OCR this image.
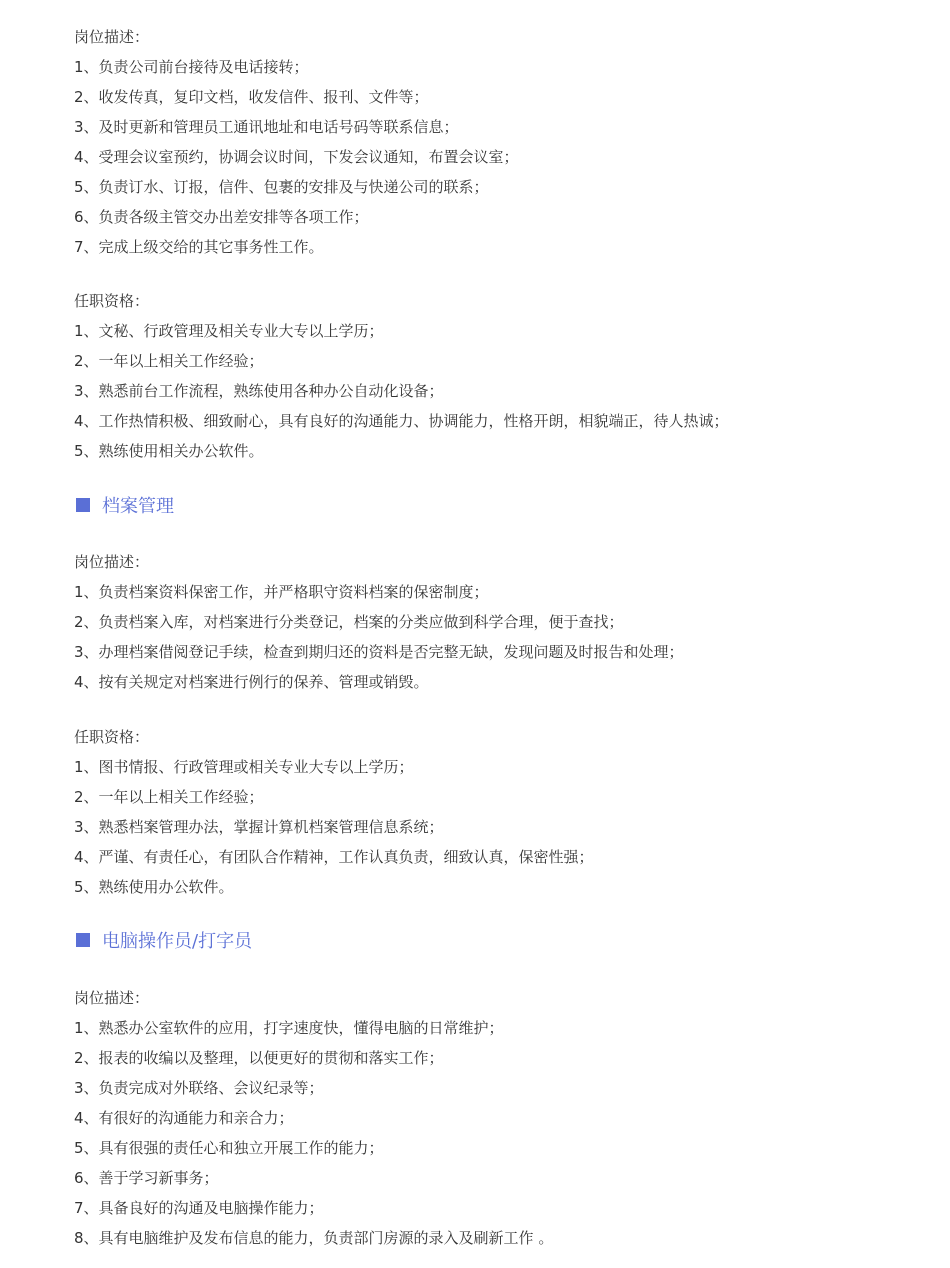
岗位描述：
1、负责公司前台接待及电话接转；
2、收发传真，复印文档，收发信件、报刊、文件等；
3、及时更新和管理员工通讯地址和电话号码等联系信息；
4、受理会议室预约，协调会议时间，下发会议通知，布置会议室；
5、负责订水、订报，信件、包裹的安排及与快递公司的联系；
6、负责各级主管交办出差安排等各项工作；
7、完成上级交给的其它事务性工作。
任职资格：
1、文秘、行政管理及相关专业大专以上学历；
2、一年以上相关工作经验；
3、熟悉前台工作流程，熟练使用各种办公自动化设备；
4、工作热情积极、细致耐心，具有良好的沟通能力、协调能力，性格开朗，相貌端正，待人热诚；
5、熟练使用相关办公软件。
档案管理
岗位描述：
1、负责档案资料保密工作，并严格职守资料档案的保密制度；
2、负责档案入库，对档案进行分类登记，档案的分类应做到科学合理，便于查找；
3、办理档案借阅登记手续，检查到期归还的资料是否完整无缺，发现问题及时报告和处理；
4、按有关规定对档案进行例行的保养、管理或销毁。
任职资格：
1、图书情报、行政管理或相关专业大专以上学历；
2、一年以上相关工作经验；
3、熟悉档案管理办法，掌握计算机档案管理信息系统；
4、严谨、有责任心，有团队合作精神，工作认真负责，细致认真，保密性强；
5、熟练使用办公软件。
电脑操作员/打字员
岗位描述：
1、熟悉办公室软件的应用，打字速度快，懂得电脑的日常维护；
2、报表的收编以及整理，以便更好的贯彻和落实工作；
3、负责完成对外联络、会议纪录等；
4、有很好的沟通能力和亲合力；
5、具有很强的责任心和独立开展工作的能力；
6、善于学习新事务；
7、具备良好的沟通及电脑操作能力；
8、具有电脑维护及发布信息的能力，负责部门房源的录入及刷新工作 。
